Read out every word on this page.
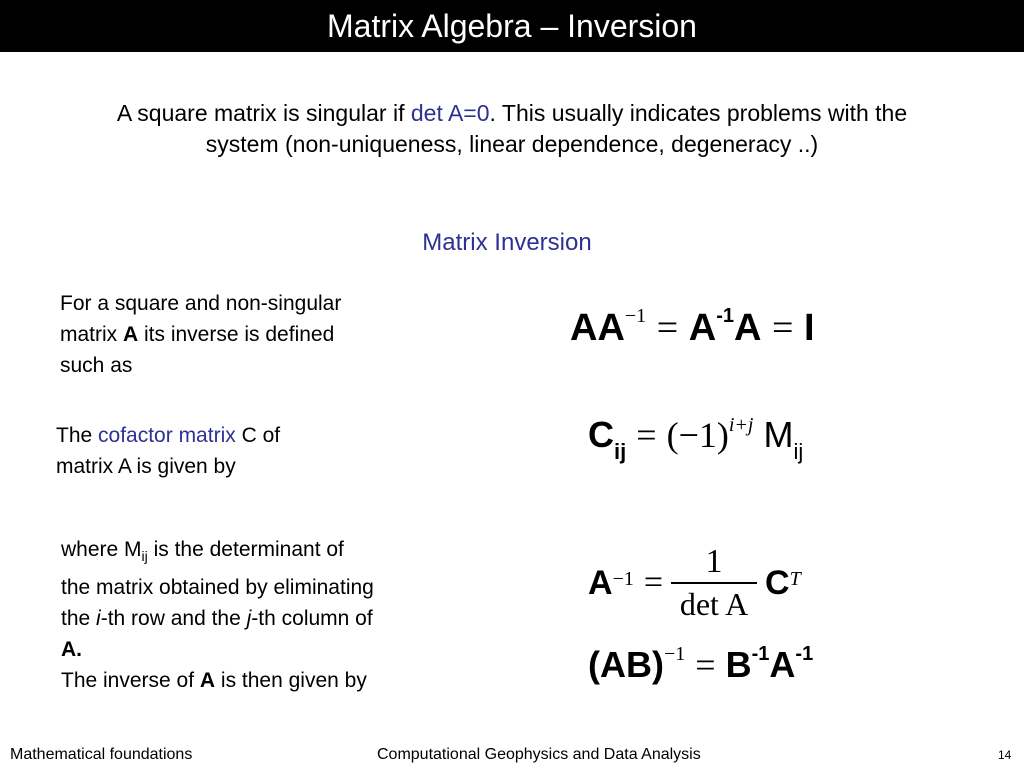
Matrix Algebra – Inversion
A square matrix is singular if det A=0. This usually indicates problems with the system (non-uniqueness, linear dependence, degeneracy ..)
Matrix Inversion
For a square and non-singular
matrix A its inverse is defined
such as
The cofactor matrix C of
matrix A is given by
where $M_{ij}$ is the determinant of
the matrix obtained by eliminating
the i-th row and the j-th column of
A.
The inverse of A is then given by
$AA^{-1} = A^{-1}A = I$
$C_{ij} = (-1)^{i+j}$ $M_{ij}$
$A^{-1} = \frac{1}{\text{det A}} C^T$
$(AB)^{-1} = B^{-1}A^{-1}$
Mathematical foundations	Computational Geophysics and Data Analysis	14
